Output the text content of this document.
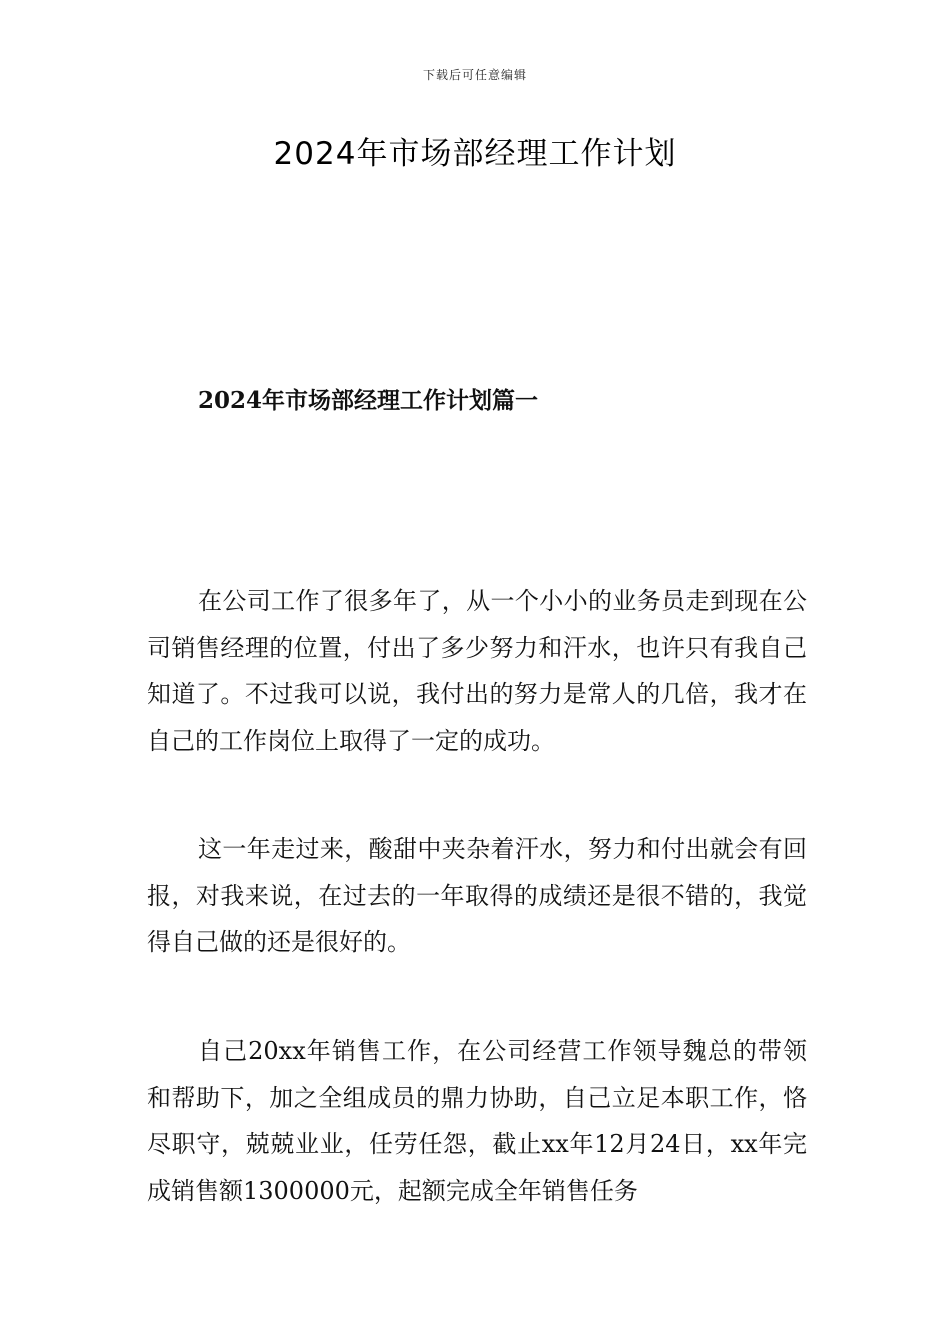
下载后可任意编辑
2024年市场部经理工作计划
2024年市场部经理工作计划篇一

在公司工作了很多年了，从一个小小的业务员走到现在公司销售经理的位置，付出了多少努力和汗水，也许只有我自己知道了。不过我可以说，我付出的努力是常人的几倍，我才在自己的工作岗位上取得了一定的成功。

这一年走过来，酸甜中夹杂着汗水，努力和付出就会有回报，对我来说，在过去的一年取得的成绩还是很不错的，我觉得自己做的还是很好的。

自己20xx年销售工作，在公司经营工作领导魏总的带领和帮助下，加之全组成员的鼎力协助，自己立足本职工作，恪尽职守，兢兢业业，任劳任怨，截止xx年12月24日，xx年完成销售额1300000元，起额完成全年销售任务
